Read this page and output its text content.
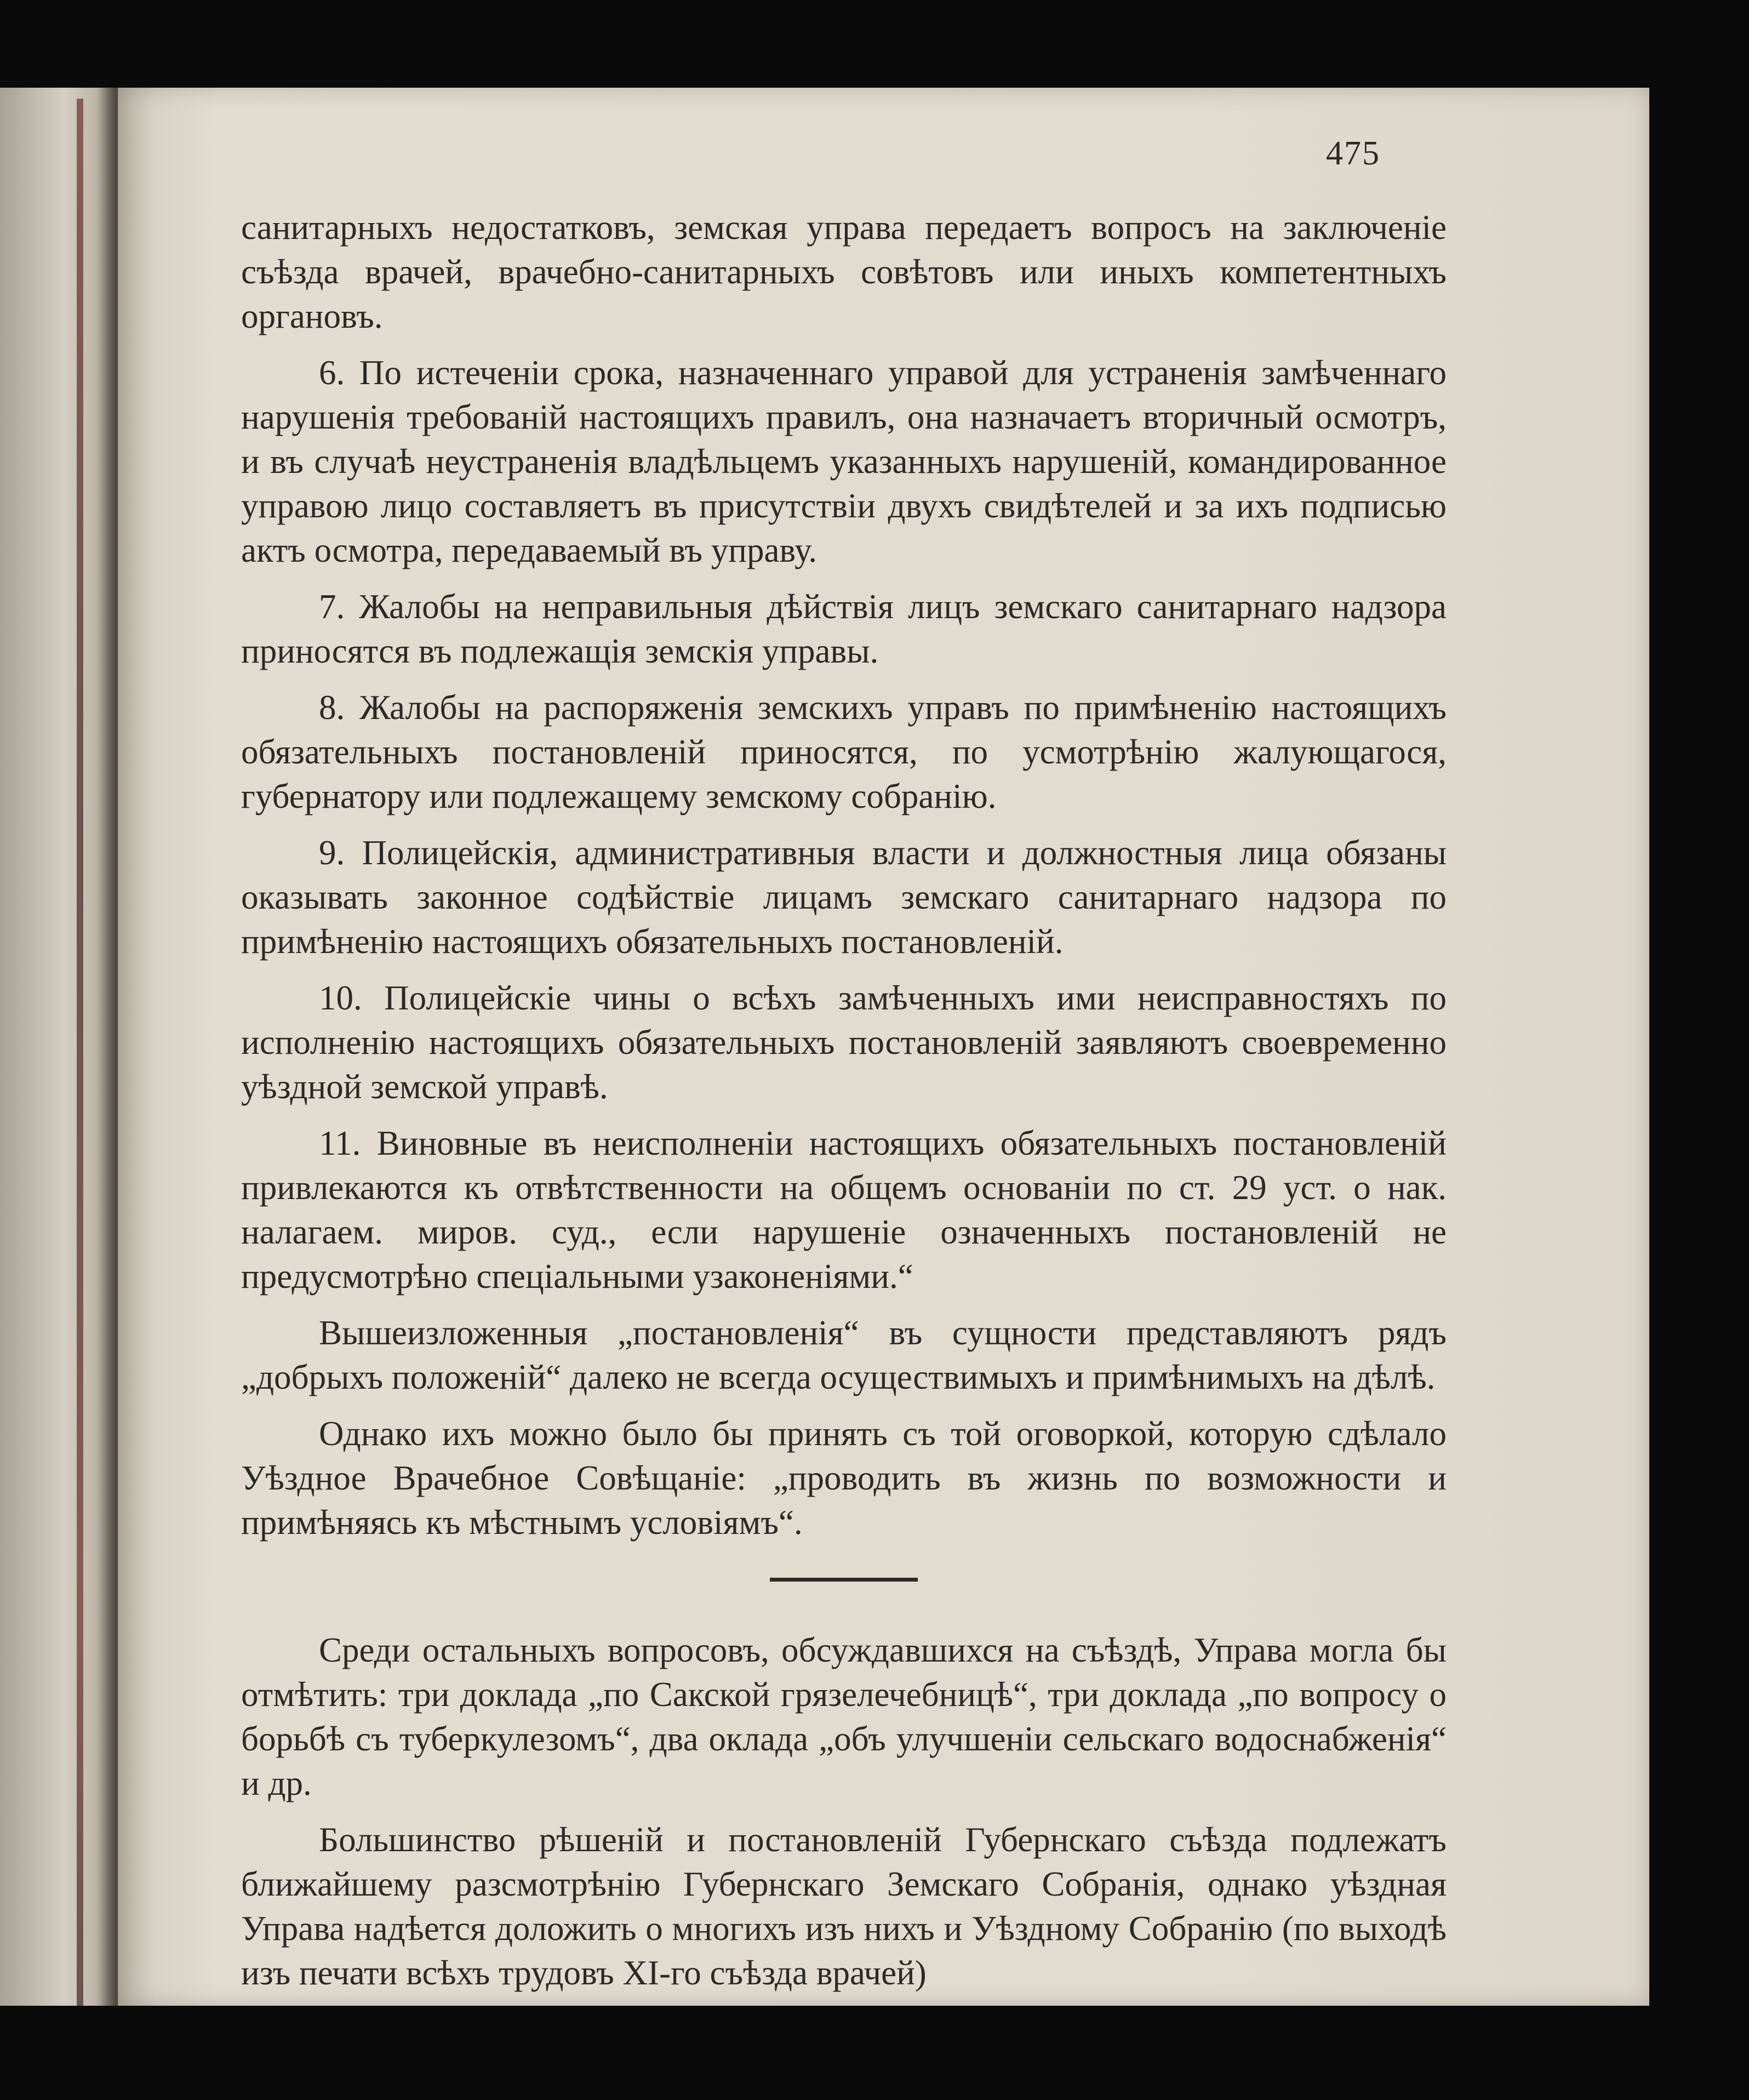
475

санитарныхъ недостатковъ, земская управа передаетъ вопросъ на заключеніе съѣзда врачей, врачебно-санитарныхъ совѣтовъ или иныхъ компетентныхъ органовъ.

6. По истеченіи срока, назначеннаго управой для устраненія замѣченнаго нарушенія требованій настоящихъ правилъ, она назначаетъ вторичный осмотръ, и въ случаѣ неустраненія владѣльцемъ указанныхъ нарушеній, командированное управою лицо составляетъ въ присутствіи двухъ свидѣтелей и за ихъ подписью актъ осмотра, передаваемый въ управу.

7. Жалобы на неправильныя дѣйствія лицъ земскаго санитарнаго надзора приносятся въ подлежащія земскія управы.

8. Жалобы на распоряженія земскихъ управъ по примѣненію настоящихъ обязательныхъ постановленій приносятся, по усмотрѣнію жалующагося, губернатору или подлежащему земскому собранію.

9. Полицейскія, административныя власти и должностныя лица обязаны оказывать законное содѣйствіе лицамъ земскаго санитарнаго надзора по примѣненію настоящихъ обязательныхъ постановленій.

10. Полицейскіе чины о всѣхъ замѣченныхъ ими неисправностяхъ по исполненію настоящихъ обязательныхъ постановленій заявляютъ своевременно уѣздной земской управѣ.

11. Виновные въ неисполненіи настоящихъ обязательныхъ постановленій привлекаются къ отвѣтственности на общемъ основаніи по ст. 29 уст. о нак. налагаем. миров. суд., если нарушеніе означенныхъ постановленій не предусмотрѣно спеціальными узаконеніями.“

Вышеизложенныя „постановленія“ въ сущности представляютъ рядъ „добрыхъ положеній“ далеко не всегда осуществимыхъ и примѣнимыхъ на дѣлѣ.

Однако ихъ можно было бы принять съ той оговоркой, которую сдѣлало Уѣздное Врачебное Совѣщаніе: „проводить въ жизнь по возможности и примѣняясь къ мѣстнымъ условіямъ“.

Среди остальныхъ вопросовъ, обсуждавшихся на съѣздѣ, Управа могла бы отмѣтить: три доклада „по Сакской грязелечебницѣ“, три доклада „по вопросу о борьбѣ съ туберкулезомъ“, два оклада „объ улучшеніи сельскаго водоснабженія“ и др.

Большинство рѣшеній и постановленій Губернскаго съѣзда подлежатъ ближайшему разсмотрѣнію Губернскаго Земскаго Собранія, однако уѣздная Управа надѣется доложить о многихъ изъ нихъ и Уѣздному Собранію (по выходѣ изъ печати всѣхъ трудовъ XI-го съѣзда врачей)
